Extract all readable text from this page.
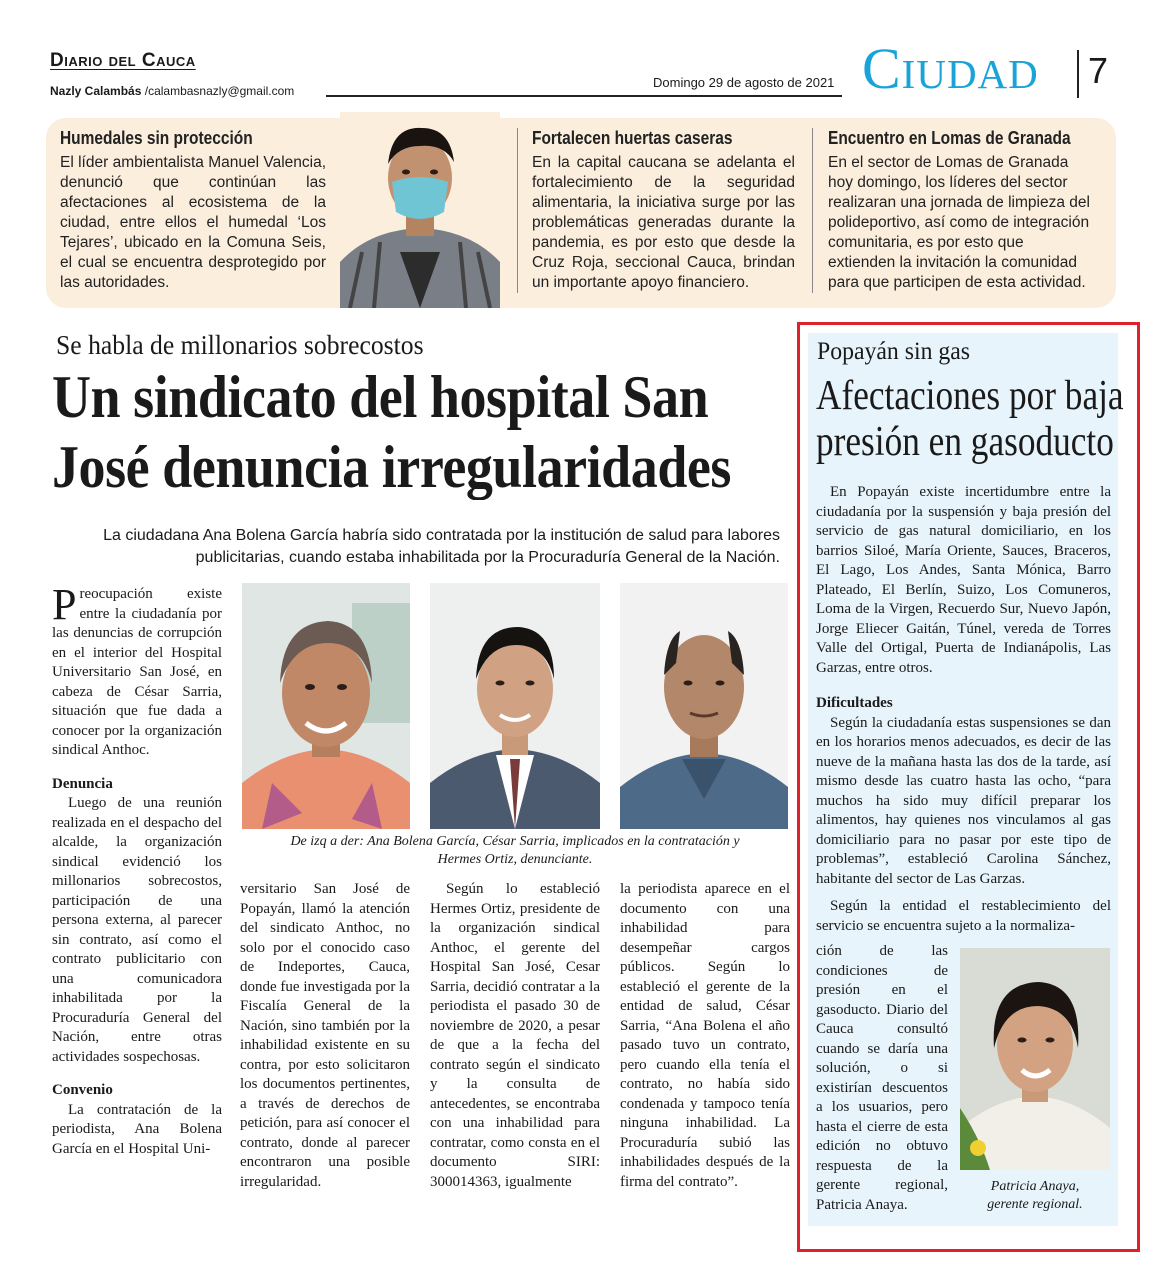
Diario del Cauca
Nazly Calambás /calambasnazly@gmail.com
Domingo 29 de agosto de 2021 Ciudad 7
Humedales sin protección
El líder ambientalista Manuel Valencia, denunció que continúan las afectaciones al ecosistema de la ciudad, entre ellos el humedal ‘Los Tejares’, ubicado en la Comuna Seis, el cual se encuentra desprotegido por las autoridades.
Fortalecen huertas caseras
En la capital caucana se adelanta el fortalecimiento de la seguridad alimentaria, la iniciativa surge por las problemáticas generadas durante la pandemia, es por esto que desde la Cruz Roja, seccional Cauca, brindan un importante apoyo financiero.
Encuentro en Lomas de Granada
En el sector de Lomas de Granada hoy domingo, los líderes del sector realizaran una jornada de limpieza del polideportivo, así como de integración comunitaria, es por esto que extienden la invitación la comunidad para que participen de esta actividad.
Se habla de millonarios sobrecostos
Un sindicato del hospital San
José denuncia irregularidades
La ciudadana Ana Bolena García habría sido contratada por la institución de salud para labores
publicitarias, cuando estaba inhabilitada por la Procuraduría General de la Nación.

Preocupación existe entre la ciudadanía por las denuncias de corrupción en el interior del Hospital Universitario San José, en cabeza de César Sarria, situación que fue dada a conocer por la organización sindical Anthoc.

Denuncia

Luego de una reunión realizada en el despacho del alcalde, la organización sindical evidenció los millonarios sobrecostos, participación de una persona externa, al parecer sin contrato, así como el contrato publicitario con una comunicadora inhabilitada por la Procuraduría General del Nación, entre otras actividades sospechosas.

Convenio

La contratación de la periodista, Ana Bolena García en el Hospital Uni-

De izq a der: Ana Bolena García, César Sarria, implicados en la contratación y
Hermes Ortiz, denunciante.

versitario San José de Popayán, llamó la atención del sindicato Anthoc, no solo por el conocido caso de Indeportes, Cauca, donde fue investigada por la Fiscalía General de la Nación, sino también por la inhabilidad existente en su contra, por esto solicitaron los documentos pertinentes, a través de derechos de petición, para así conocer el contrato, donde al parecer encontraron una posible irregularidad.

Según lo estableció Hermes Ortiz, presidente de la organización sindical Anthoc, el gerente del Hospital San José, Cesar Sarria, decidió contratar a la periodista el pasado 30 de noviembre de 2020, a pesar de que a la fecha del contrato según el sindicato y la consulta de antecedentes, se encontraba con una inhabilidad para contratar, como consta en el documento SIRI: 300014363, igualmente

la periodista aparece en el documento con una inhabilidad para desempeñar cargos públicos. Según lo estableció el gerente de la entidad de salud, César Sarria, “Ana Bolena el año pasado tuvo un contrato, pero cuando ella tenía el contrato, no había sido condenada y tampoco tenía ninguna inhabilidad. La Procuraduría subió las inhabilidades después de la firma del contrato”.

Popayán sin gas
Afectaciones por baja
presión en gasoducto

En Popayán existe incertidumbre entre la ciudadanía por la suspensión y baja presión del servicio de gas natural domiciliario, en los barrios Siloé, María Oriente, Sauces, Braceros, El Lago, Los Andes, Santa Mónica, Barro Plateado, El Berlín, Suizo, Los Comuneros, Loma de la Virgen, Recuerdo Sur, Nuevo Japón, Jorge Eliecer Gaitán, Túnel, vereda de Torres Valle del Ortigal, Puerta de Indianápolis, Las Garzas, entre otros.

Dificultades

Según la ciudadanía estas suspensiones se dan en los horarios menos adecuados, es decir de las nueve de la mañana hasta las dos de la tarde, así mismo desde las cuatro hasta las ocho, “para muchos ha sido muy difícil preparar los alimentos, hay quienes nos vinculamos al gas domiciliario para no pasar por este tipo de problemas”, estableció Carolina Sánchez, habitante del sector de Las Garzas.

Según la entidad el restablecimiento del servicio se encuentra sujeto a la normaliza-

ción de las condiciones de presión en el gasoducto. Diario del Cauca consultó cuando se daría una solución, o si existirían descuentos a los usuarios, pero hasta el cierre de esta edición no obtuvo respuesta de la gerente regional, Patricia Anaya.

Patricia Anaya,
gerente regional.
